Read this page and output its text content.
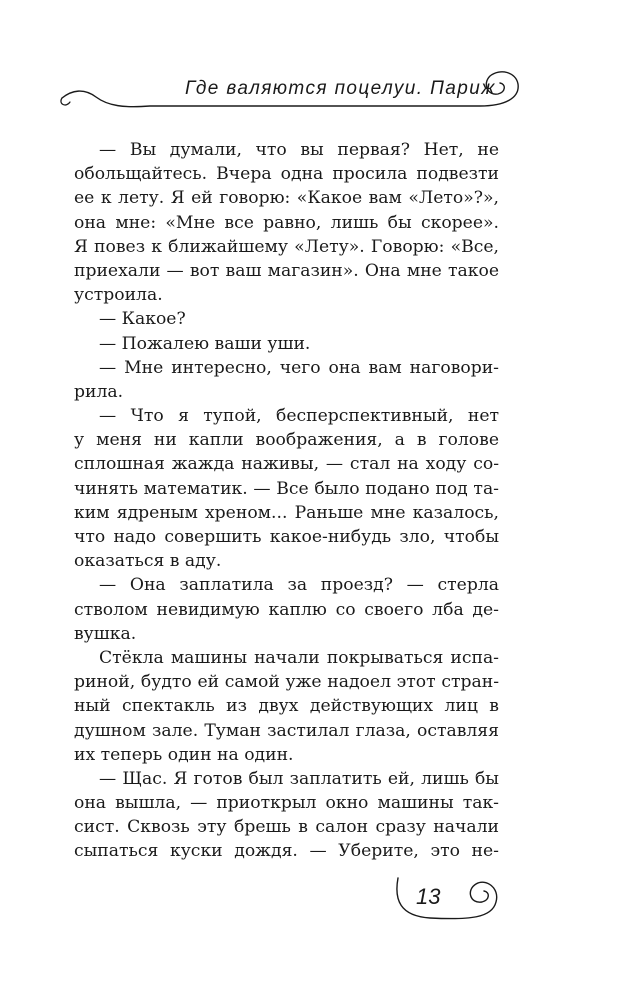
Где валяются поцелуи. Париж
— Вы думали, что вы первая? Нет, не
обольщайтесь. Вчера одна просила подвезти
ее к лету. Я ей говорю: «Какое вам «Лето»?»,
она мне: «Мне все равно, лишь бы скорее».
Я повез к ближайшему «Лету». Говорю: «Все,
приехали — вот ваш магазин». Она мне такое
устроила.
— Какое?
— Пожалею ваши уши.
— Мне интересно, чего она вам наговори-
рила.
— Что я тупой, бесперспективный, нет
у меня ни капли воображения, а в голове
сплошная жажда наживы, — стал на ходу со-
чинять математик. — Все было подано под та-
ким ядреным хреном... Раньше мне казалось,
что надо совершить какое-нибудь зло, чтобы
оказаться в аду.
— Она заплатила за проезд? — стерла
стволом невидимую каплю со своего лба де-
вушка.
Стёкла машины начали покрываться испа-
риной, будто ей самой уже надоел этот стран-
ный спектакль из двух действующих лиц в
душном зале. Туман застилал глаза, оставляя
их теперь один на один.
— Щас. Я готов был заплатить ей, лишь бы
она вышла, — приоткрыл окно машины так-
сист. Сквозь эту брешь в салон сразу начали
сыпаться куски дождя. — Уберите, это не-
13
